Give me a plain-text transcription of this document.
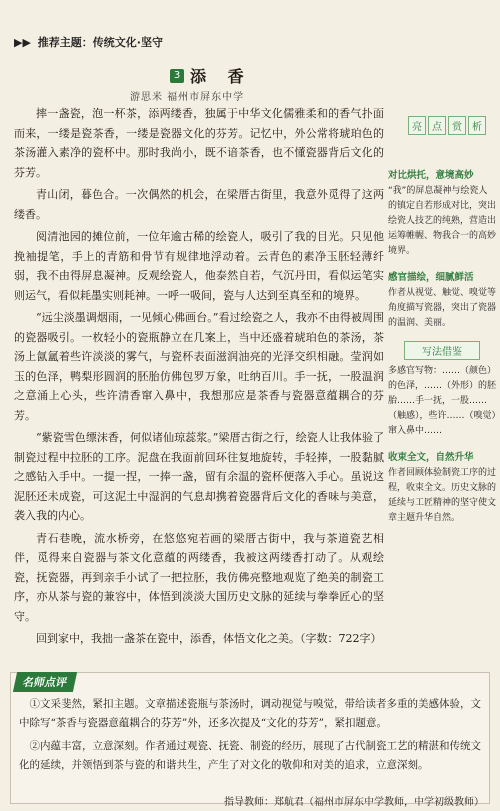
▶▶ 推荐主题：传统文化·坚守
3 添 香
游思米 福州市屏东中学

摔一盏瓷，泡一杯茶，添两缕香，独属于中华文化儒雅柔和的香气扑面而来，一缕是瓷茶香，一缕是瓷器文化的芬芳。记忆中，外公常将琥珀色的茶汤灌入素净的瓷杯中。那时我尚小，既不谙茶香，也不懂瓷器背后文化的芬芳。

青山闭，暮色合。一次偶然的机会，在梁厝古街里，我意外觅得了这两缕香。

阅清池园的摊位前，一位年逾古稀的绘瓷人，吸引了我的目光。只见他挽袖提笔，手上的青筋和骨节有规律地浮动着。云青色的素净玉胚轻薄纤弱，我不由得屏息凝神。反观绘瓷人，他泰然自若，气沉丹田，看似运笔实则运气，看似耗墨实则耗神。一呼一吸间，瓷与人达到至真至和的境界。

“远尘淡墨调烟雨，一见倾心佛画台。”看过绘瓷之人，我亦不由得被周围的瓷器吸引。一枚轻小的瓷瓶静立在几案上，当中还盛着琥珀色的茶汤，茶汤上氤氲着些许淡淡的雾气，与瓷杯表面滋润油亮的光泽交织相融。莹润如玉的色泽，鸭梨形圆润的胚胎仿佛包罗万象，吐纳百川。手一抚，一股温润之意涌上心头，些许清香窜入鼻中，我想那应是茶香与瓷器意蕴耦合的芬芳。

“紫瓷雪色缥沫香，何似诸仙琼蕊浆。”梁厝古街之行，绘瓷人让我体验了制瓷过程中拉胚的工序。泥盘在我面前回环往复地旋转，手轻捧，一股黏腻之感钻入手中。一提一捏，一捧一盏，留有余温的瓷杯便落入手心。虽说这泥胚还未成瓷，可这泥土中湿润的气息却携着瓷器背后文化的香味与美意，袭入我的内心。

青石巷晚，流水桥旁，在悠悠宛若画的梁厝古街中，我与茶道瓷艺相伴，觅得来自瓷器与茶文化意蕴的两缕香，我被这两缕香打动了。从观绘瓷，抚瓷器，再到亲手小试了一把拉胚，我仿佛亮整地观览了绝美的制瓷工序，亦从茶与瓷的兼容中，体悟到淡淡大国历史文脉的延续与拳拳匠心的坚守。

回到家中，我拙一盏茶在瓷中，添香，体悟文化之美。（字数：722字）

亮	点	赏	析
对比烘托，意境高妙
“我”的屏息凝神与绘瓷人的镇定自若形成对比，突出绘瓷人技艺的纯熟，营造出运筹帷幄、物我合一的高妙境界。
感官描绘，细腻鲜活
作者从视觉、触觉、嗅觉等角度描写瓷器，突出了瓷器的温润、美丽。
写法借鉴
多感官写物：……（颜色）的色泽，……（外形）的胚胎……手一抚，一股……（触感），些许……（嗅觉）窜入鼻中……
收束全文，自然升华
作者回顾体验制瓷工序的过程，收束全文。历史文脉的延续与工匠精神的坚守使文章主题升华自然。
名师点评

①文采斐然，紧扣主题。文章描述瓷瓶与茶汤时，调动视觉与嗅觉，带给读者多重的美感体验，文中除写“茶香与瓷器意蕴耦合的芬芳”外，还多次提及“文化的芬芳”，紧扣题意。

②内蕴丰富，立意深刻。作者通过观瓷、抚瓷、制瓷的经历，展现了古代制瓷工艺的精湛和传统文化的延续，并领悟到茶与瓷的和谐共生，产生了对文化的敬仰和对美的追求，立意深刻。

指导教师：郑航君（福州市屏东中学教师，中学初级教师）
